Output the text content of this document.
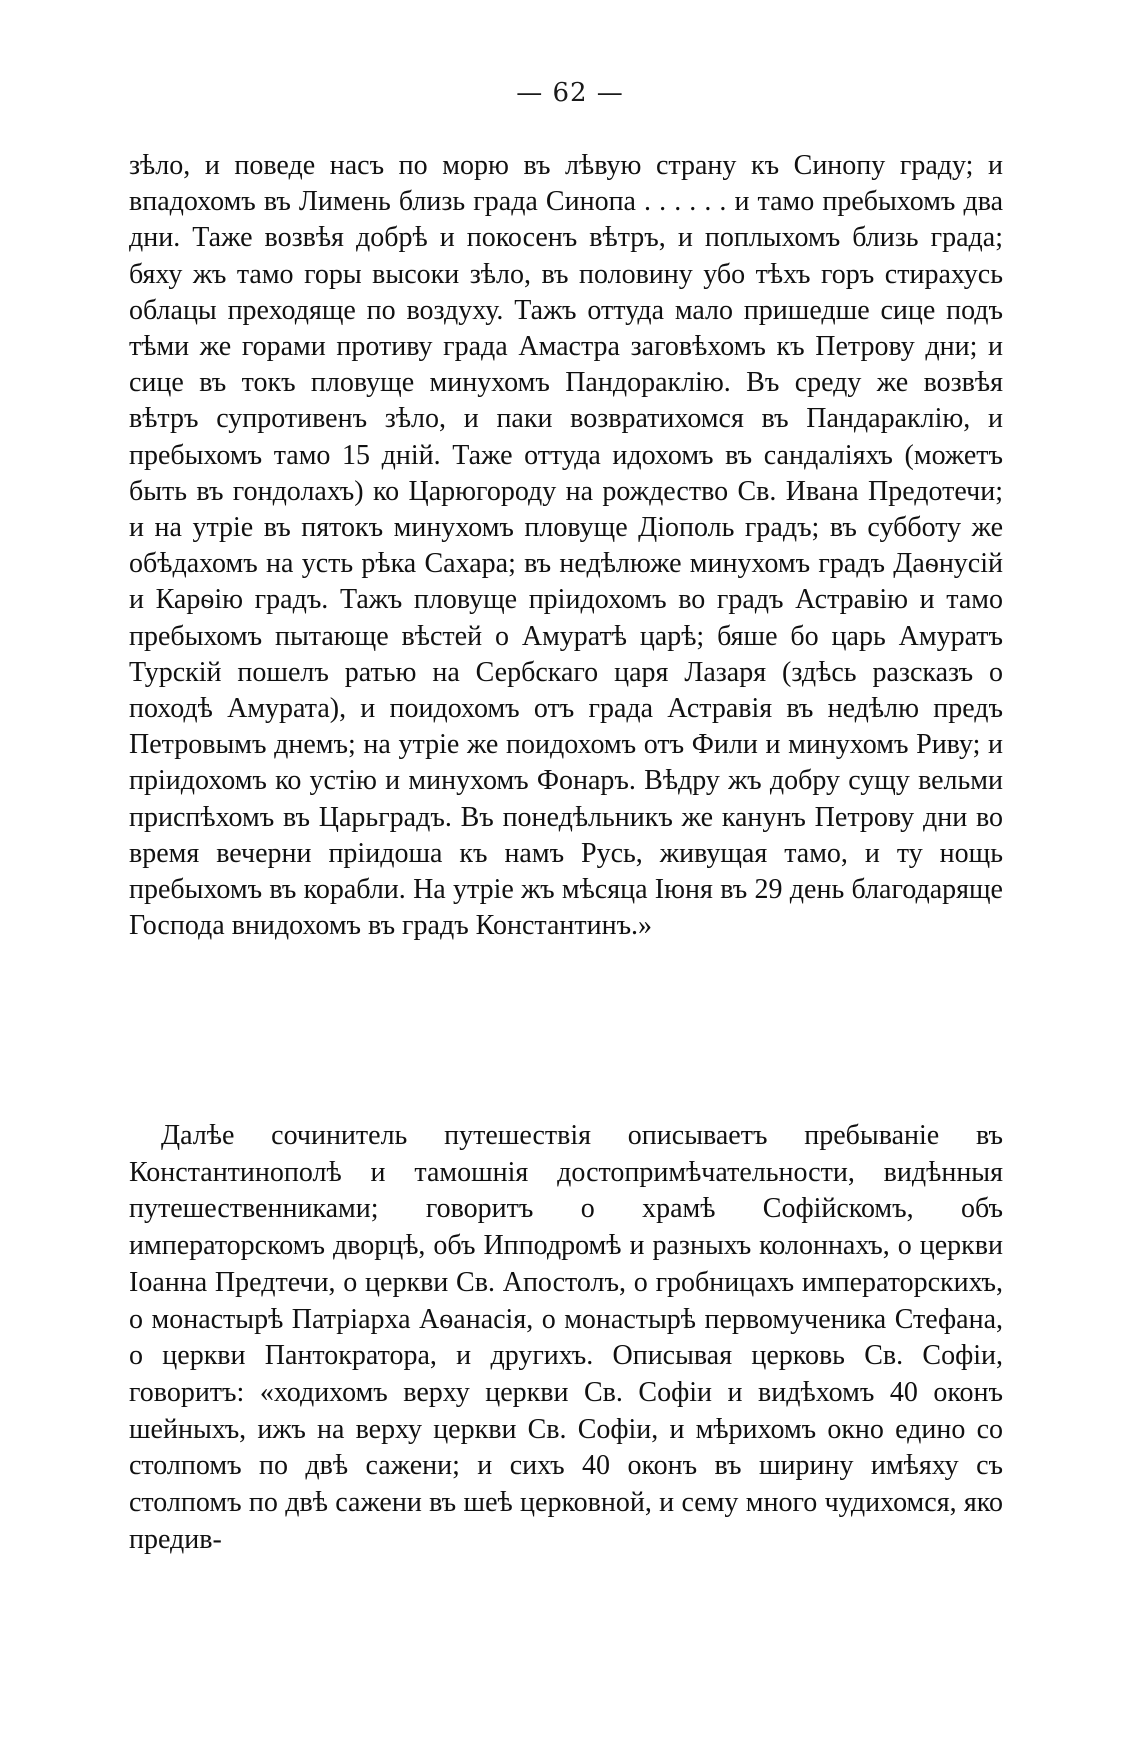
— 62 —

зѣло, и поведе насъ по морю въ лѣвую страну къ Синопу граду; и впадохомъ въ Лимень близь града Синопа . . . . . . и тамо пребыхомъ два дни. Таже возвѣя добрѣ и покосенъ вѣтръ, и поплыхомъ близь града; бяху жъ тамо горы высоки зѣло, въ половину убо тѣхъ горъ стирахусь облацы преходяще по воздуху. Тажъ оттуда мало пришедше сице подъ тѣми же горами противу града Амастра заговѣхомъ къ Петрову дни; и сице въ токъ пловуще минухомъ Пандораклію. Въ среду же возвѣя вѣтръ супротивенъ зѣло, и паки возвратихомся въ Пандараклію, и пребыхомъ тамо 15 дній. Таже оттуда идохомъ въ сандаліяхъ (можетъ быть въ гондолахъ) ко Царюгороду на рождество Св. Ивана Предотечи; и на утріе въ пятокъ минухомъ пловуще Діополь градъ; въ субботу же обѣдахомъ на усть рѣка Сахара; въ недѣлюже минухомъ градъ Даѳнусій и Карѳію градъ. Тажъ пловуще пріидохомъ во градъ Астравію и тамо пребыхомъ пытающе вѣстей о Амуратѣ царѣ; бяше бо царь Амуратъ Турскій пошелъ ратью на Сербскаго царя Лазаря (здѣсь разсказъ о походѣ Амурата), и поидохомъ отъ града Астравія въ недѣлю предъ Петровымъ днемъ; на утріе же поидохомъ отъ Фили и минухомъ Риву; и пріидохомъ ко устію и минухомъ Фонаръ. Вѣдру жъ добру сущу вельми приспѣхомъ въ Царьградъ. Въ понедѣльникъ же канунъ Петрову дни во время вечерни пріидоша къ намъ Русь, живущая тамо, и ту нощь пребыхомъ въ корабли. На утріе жъ мѣсяца Іюня въ 29 день благодаряще Господа внидохомъ въ градъ Константинъ.»

Далѣе сочинитель путешествія описываетъ пребываніе въ Константинополѣ и тамошнія достопримѣчательности, видѣнныя путешественниками; говоритъ о храмѣ Софійскомъ, объ императорскомъ дворцѣ, объ Ипподромѣ и разныхъ колоннахъ, о церкви Іоанна Предтечи, о церкви Св. Апостолъ, о гробницахъ императорскихъ, о монастырѣ Патріарха Аѳанасія, о монастырѣ первомученика Стефана, о церкви Пантократора, и другихъ. Описывая церковь Св. Софіи, говоритъ: «ходихомъ верху церкви Св. Софіи и видѣхомъ 40 оконъ шейныхъ, ижъ на верху церкви Св. Софіи, и мѣрихомъ окно едино со столпомъ по двѣ сажени; и сихъ 40 оконъ въ ширину имѣяху съ столпомъ по двѣ сажени въ шеѣ церковной, и сему много чудихомся, яко предив-
